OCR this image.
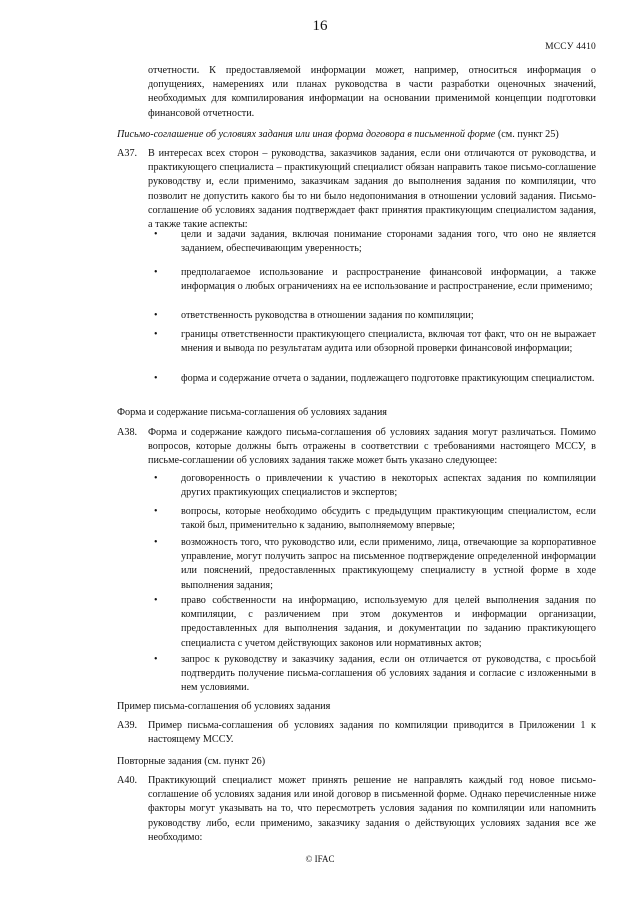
16
МССУ 4410
отчетности. К предоставляемой информации может, например, относиться информация о допущениях, намерениях или планах руководства в части разработки оценочных значений, необходимых для компилирования информации на основании применимой концепции подготовки финансовой отчетности.
Письмо-соглашение об условиях задания или иная форма договора в письменной форме (см. пункт 25)
A37. В интересах всех сторон – руководства, заказчиков задания, если они отличаются от руководства, и практикующего специалиста – практикующий специалист обязан направить такое письмо-соглашение руководству и, если применимо, заказчикам задания до выполнения задания по компиляции, что позволит не допустить какого бы то ни было недопонимания в отношении условий задания. Письмо-соглашение об условиях задания подтверждает факт принятия практикующим специалистом задания, а также такие аспекты:
• цели и задачи задания, включая понимание сторонами задания того, что оно не является заданием, обеспечивающим уверенность;
• предполагаемое использование и распространение финансовой информации, а также информация о любых ограничениях на ее использование и распространение, если применимо;
• ответственность руководства в отношении задания по компиляции;
• границы ответственности практикующего специалиста, включая тот факт, что он не выражает мнения и вывода по результатам аудита или обзорной проверки финансовой информации;
• форма и содержание отчета о задании, подлежащего подготовке практикующим специалистом.
Форма и содержание письма-соглашения об условиях задания
A38. Форма и содержание каждого письма-соглашения об условиях задания могут различаться. Помимо вопросов, которые должны быть отражены в соответствии с требованиями настоящего МССУ, в письме-соглашении об условиях задания также может быть указано следующее:
• договоренность о привлечении к участию в некоторых аспектах задания по компиляции других практикующих специалистов и экспертов;
• вопросы, которые необходимо обсудить с предыдущим практикующим специалистом, если такой был, применительно к заданию, выполняемому впервые;
• возможность того, что руководство или, если применимо, лица, отвечающие за корпоративное управление, могут получить запрос на письменное подтверждение определенной информации или пояснений, предоставленных практикующему специалисту в устной форме в ходе выполнения задания;
• право собственности на информацию, используемую для целей выполнения задания по компиляции, с различением при этом документов и информации организации, предоставленных для выполнения задания, и документации по заданию практикующего специалиста с учетом действующих законов или нормативных актов;
• запрос к руководству и заказчику задания, если он отличается от руководства, с просьбой подтвердить получение письма-соглашения об условиях задания и согласие с изложенными в нем условиями.
Пример письма-соглашения об условиях задания
A39. Пример письма-соглашения об условиях задания по компиляции приводится в Приложении 1 к настоящему МССУ.
Повторные задания (см. пункт 26)
A40. Практикующий специалист может принять решение не направлять каждый год новое письмо-соглашение об условиях задания или иной договор в письменной форме. Однако перечисленные ниже факторы могут указывать на то, что пересмотреть условия задания по компиляции или напомнить руководству либо, если применимо, заказчику задания о действующих условиях задания все же необходимо:
© IFAC
